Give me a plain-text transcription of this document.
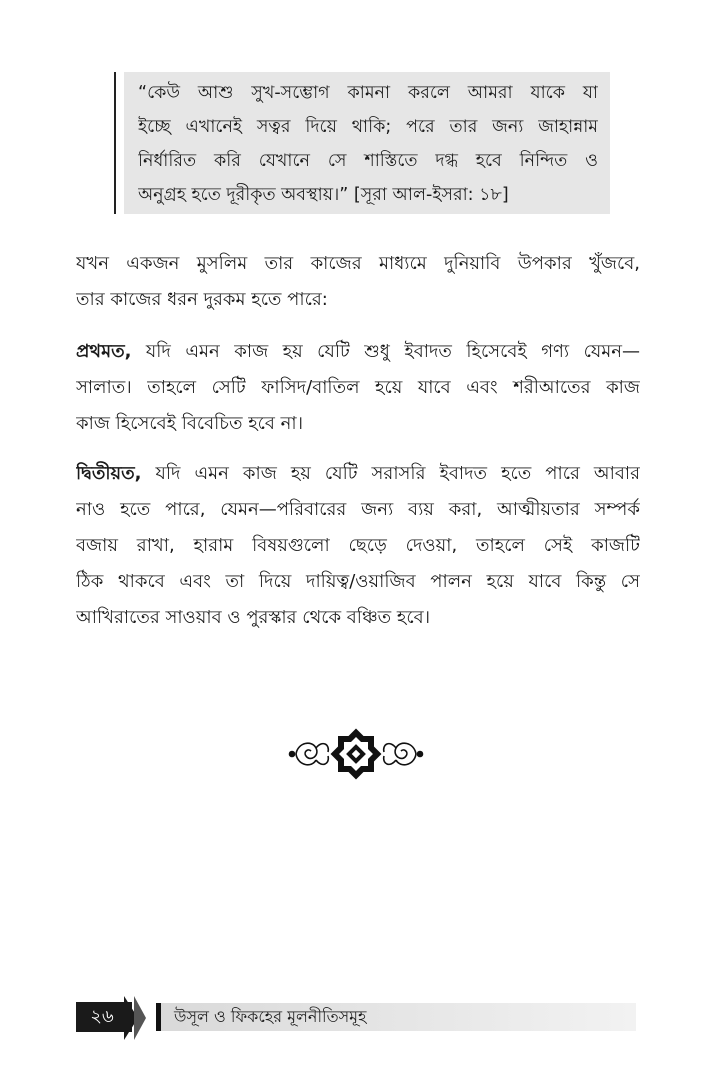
“কেউ আশু সুখ-সম্ভোগ কামনা করলে আমরা যাকে যা
ইচ্ছে এখানেই সত্বর দিয়ে থাকি; পরে তার জন্য জাহান্নাম
নির্ধারিত করি যেখানে সে শাস্তিতে দগ্ধ হবে নিন্দিত ও
অনুগ্রহ হতে দূরীকৃত অবস্থায়।” [সূরা আল-ইসরা: ১৮]
যখন একজন মুসলিম তার কাজের মাধ্যমে দুনিয়াবি উপকার খুঁজবে,
তার কাজের ধরন দুরকম হতে পারে:
প্রথমত, যদি এমন কাজ হয় যেটি শুধু ইবাদত হিসেবেই গণ্য যেমন—
সালাত। তাহলে সেটি ফাসিদ/বাতিল হয়ে যাবে এবং শরীআতের কাজ
কাজ হিসেবেই বিবেচিত হবে না।
দ্বিতীয়ত, যদি এমন কাজ হয় যেটি সরাসরি ইবাদত হতে পারে আবার
নাও হতে পারে, যেমন—পরিবারের জন্য ব্যয় করা, আত্মীয়তার সম্পর্ক
বজায় রাখা, হারাম বিষয়গুলো ছেড়ে দেওয়া, তাহলে সেই কাজটি
ঠিক থাকবে এবং তা দিয়ে দায়িত্ব/ওয়াজিব পালন হয়ে যাবে কিন্তু সে
আখিরাতের সাওয়াব ও পুরস্কার থেকে বঞ্চিত হবে।
২৬	উসূল ও ফিকহের মূলনীতিসমূহ
